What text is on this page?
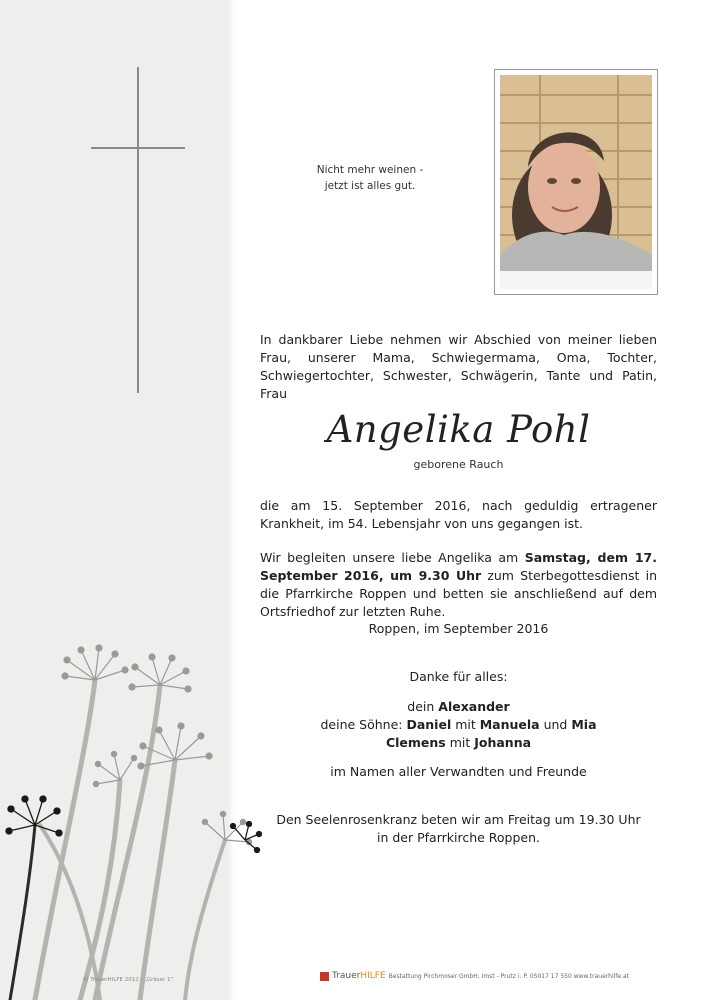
Nicht mehr weinen -
jetzt ist alles gut.
In dankbarer Liebe nehmen wir Abschied von meiner lieben Frau, unserer Mama, Schwiegermama, Oma, Tochter, Schwiegertochter, Schwester, Schwägerin, Tante und Patin, Frau
Angelika Pohl
geborene Rauch
die am 15. September 2016, nach geduldig ertragener Krankheit, im 54. Lebensjahr von uns gegangen ist.
Wir begleiten unsere liebe Angelika am Samstag, dem 17. September 2016, um 9.30 Uhr zum Sterbegottesdienst in die Pfarrkirche Roppen und betten sie anschließend auf dem Ortsfriedhof zur letzten Ruhe.
Roppen, im September 2016
Danke für alles:
dein Alexander
deine Söhne: Daniel mit Manuela und Mia
Clemens mit Johanna
im Namen aller Verwandten und Freunde
Den Seelenrosenkranz beten wir am Freitag um 19.30 Uhr
in der Pfarrkirche Roppen.
© TrauerHILFE 2012 - „Gräser 1“	TrauerHILFE Bestattung Pirchmoser GmbH, Imst - Prutz i. P. 05017 17 550 www.trauerhilfe.at
